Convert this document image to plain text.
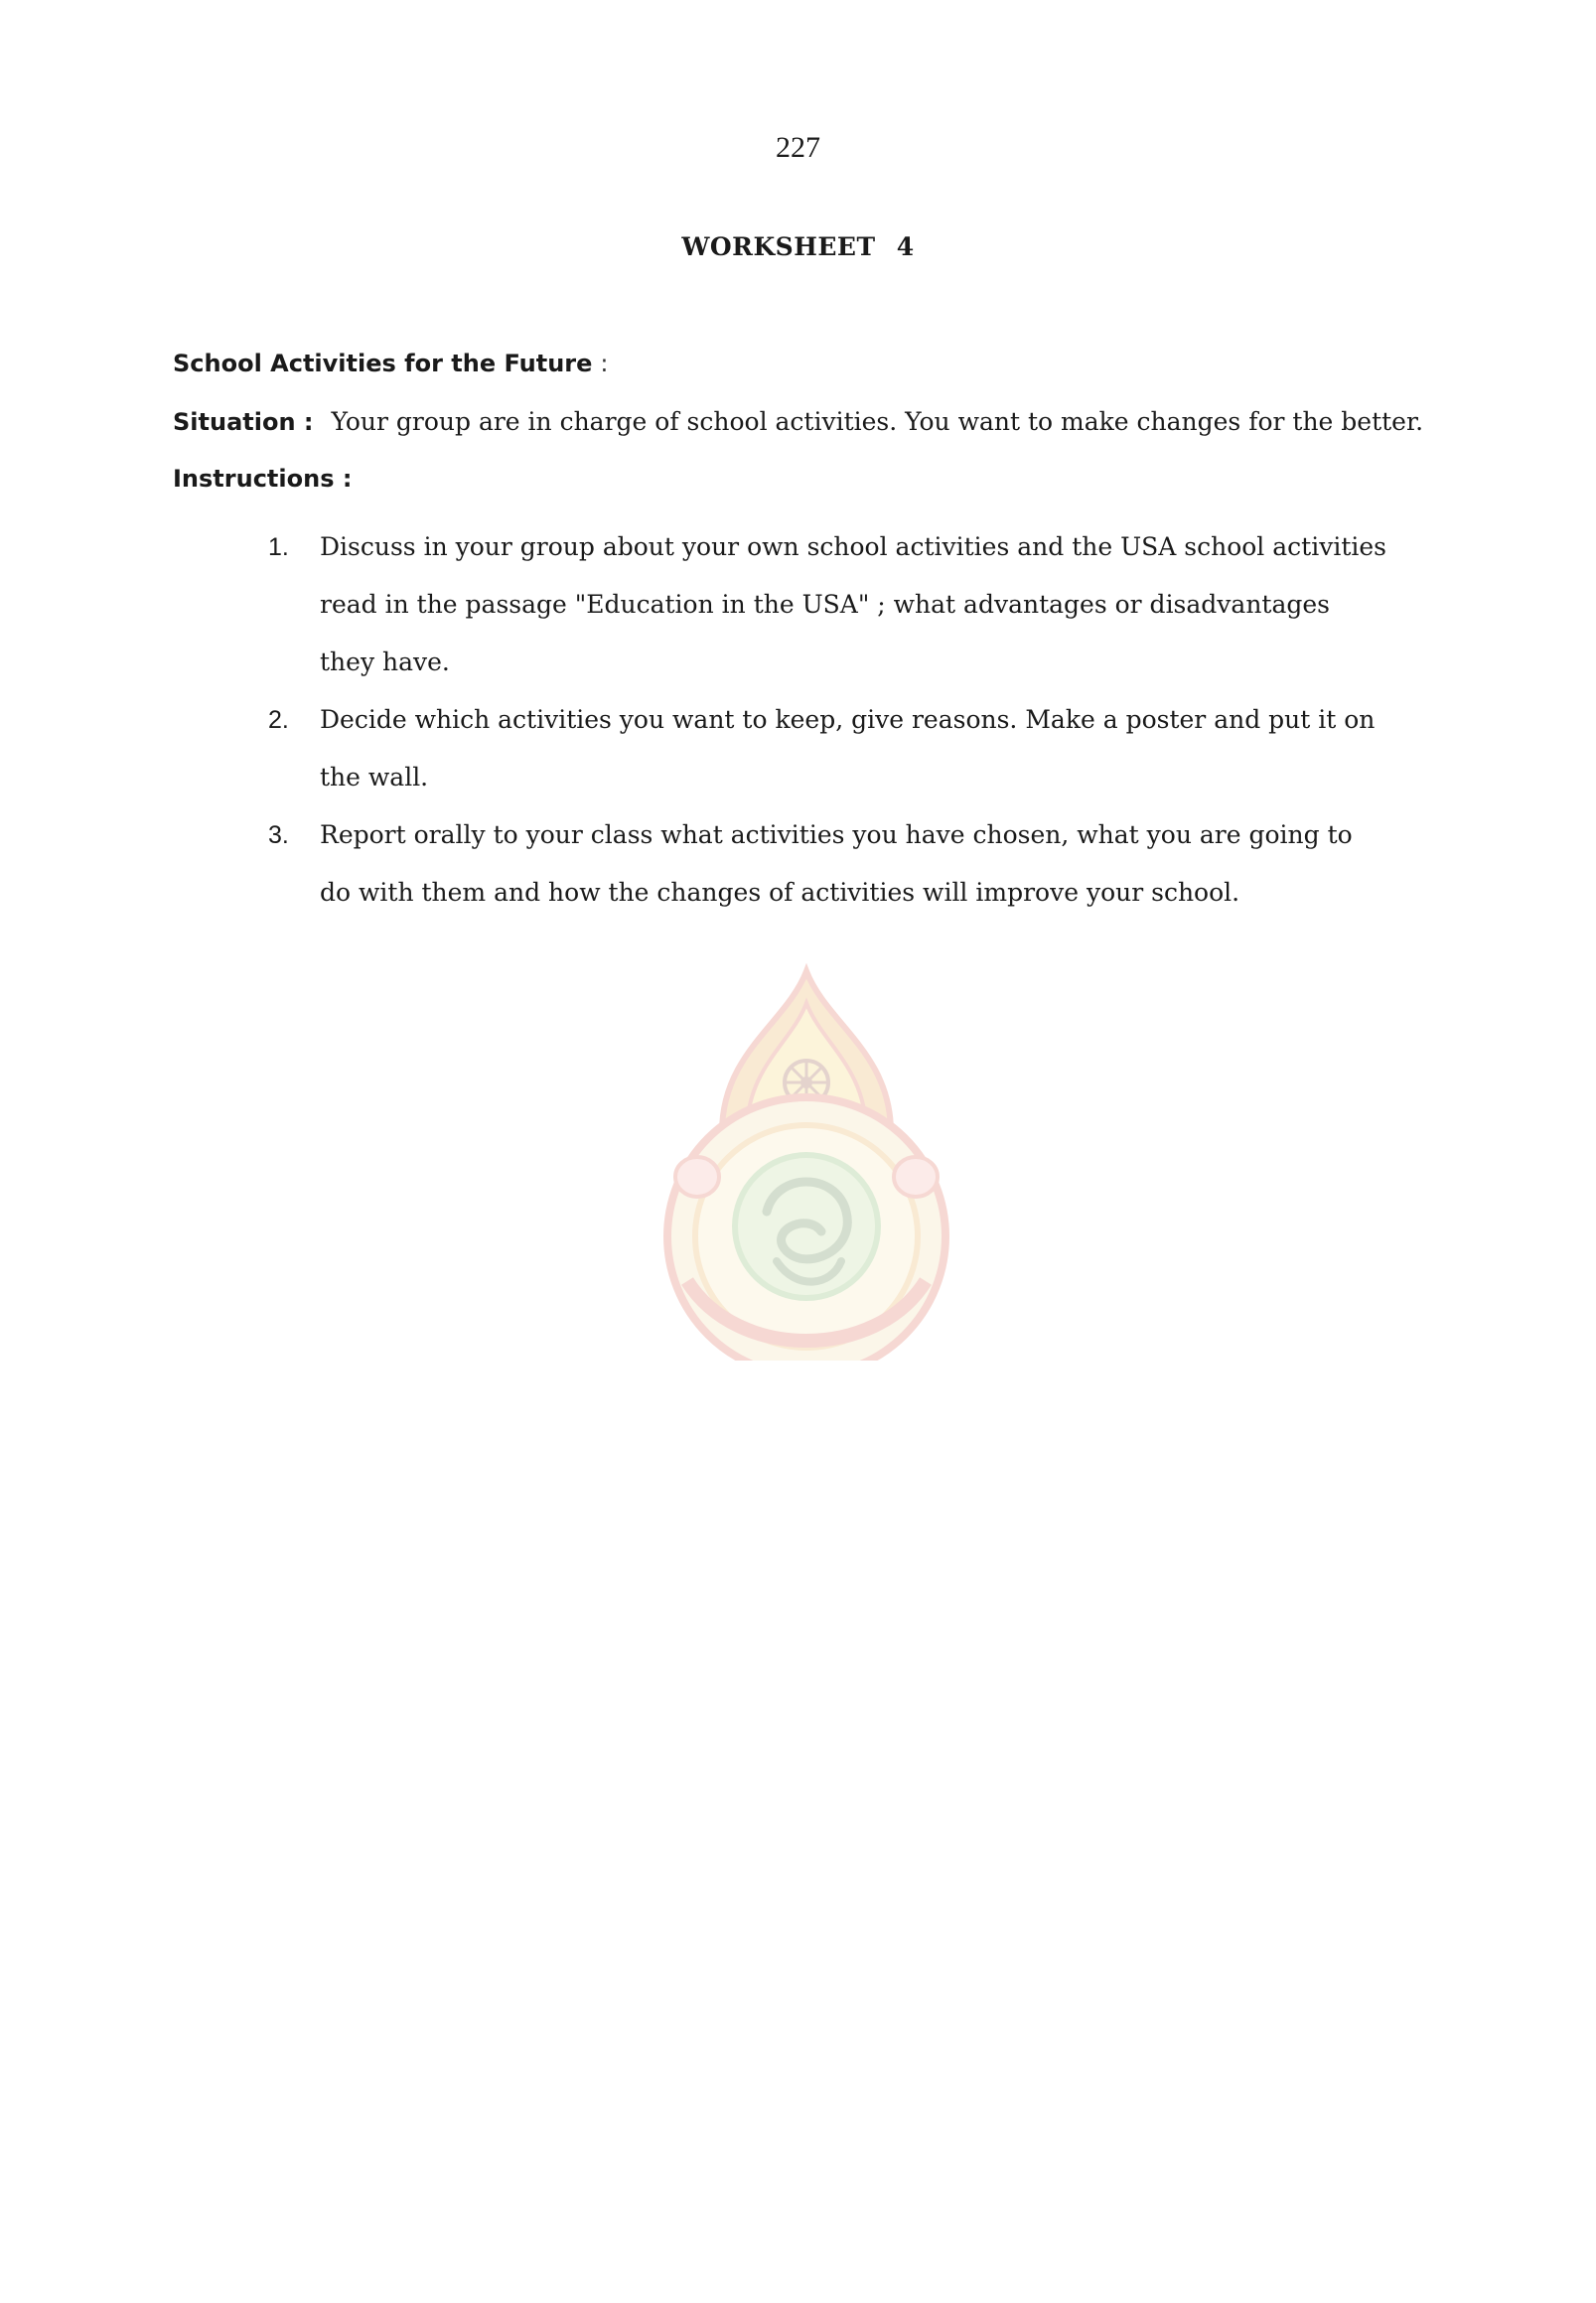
227
WORKSHEET 4
School Activities for the Future :
Situation : Your group are in charge of school activities. You want to make changes for the better.
Instructions :
1. Discuss in your group about your own school activities and the USA school activities read in the passage "Education in the USA" ; what advantages or disadvantages they have.
2. Decide which activities you want to keep, give reasons. Make a poster and put it on the wall.
3. Report orally to your class what activities you have chosen, what you are going to do with them and how the changes of activities will improve your school.
